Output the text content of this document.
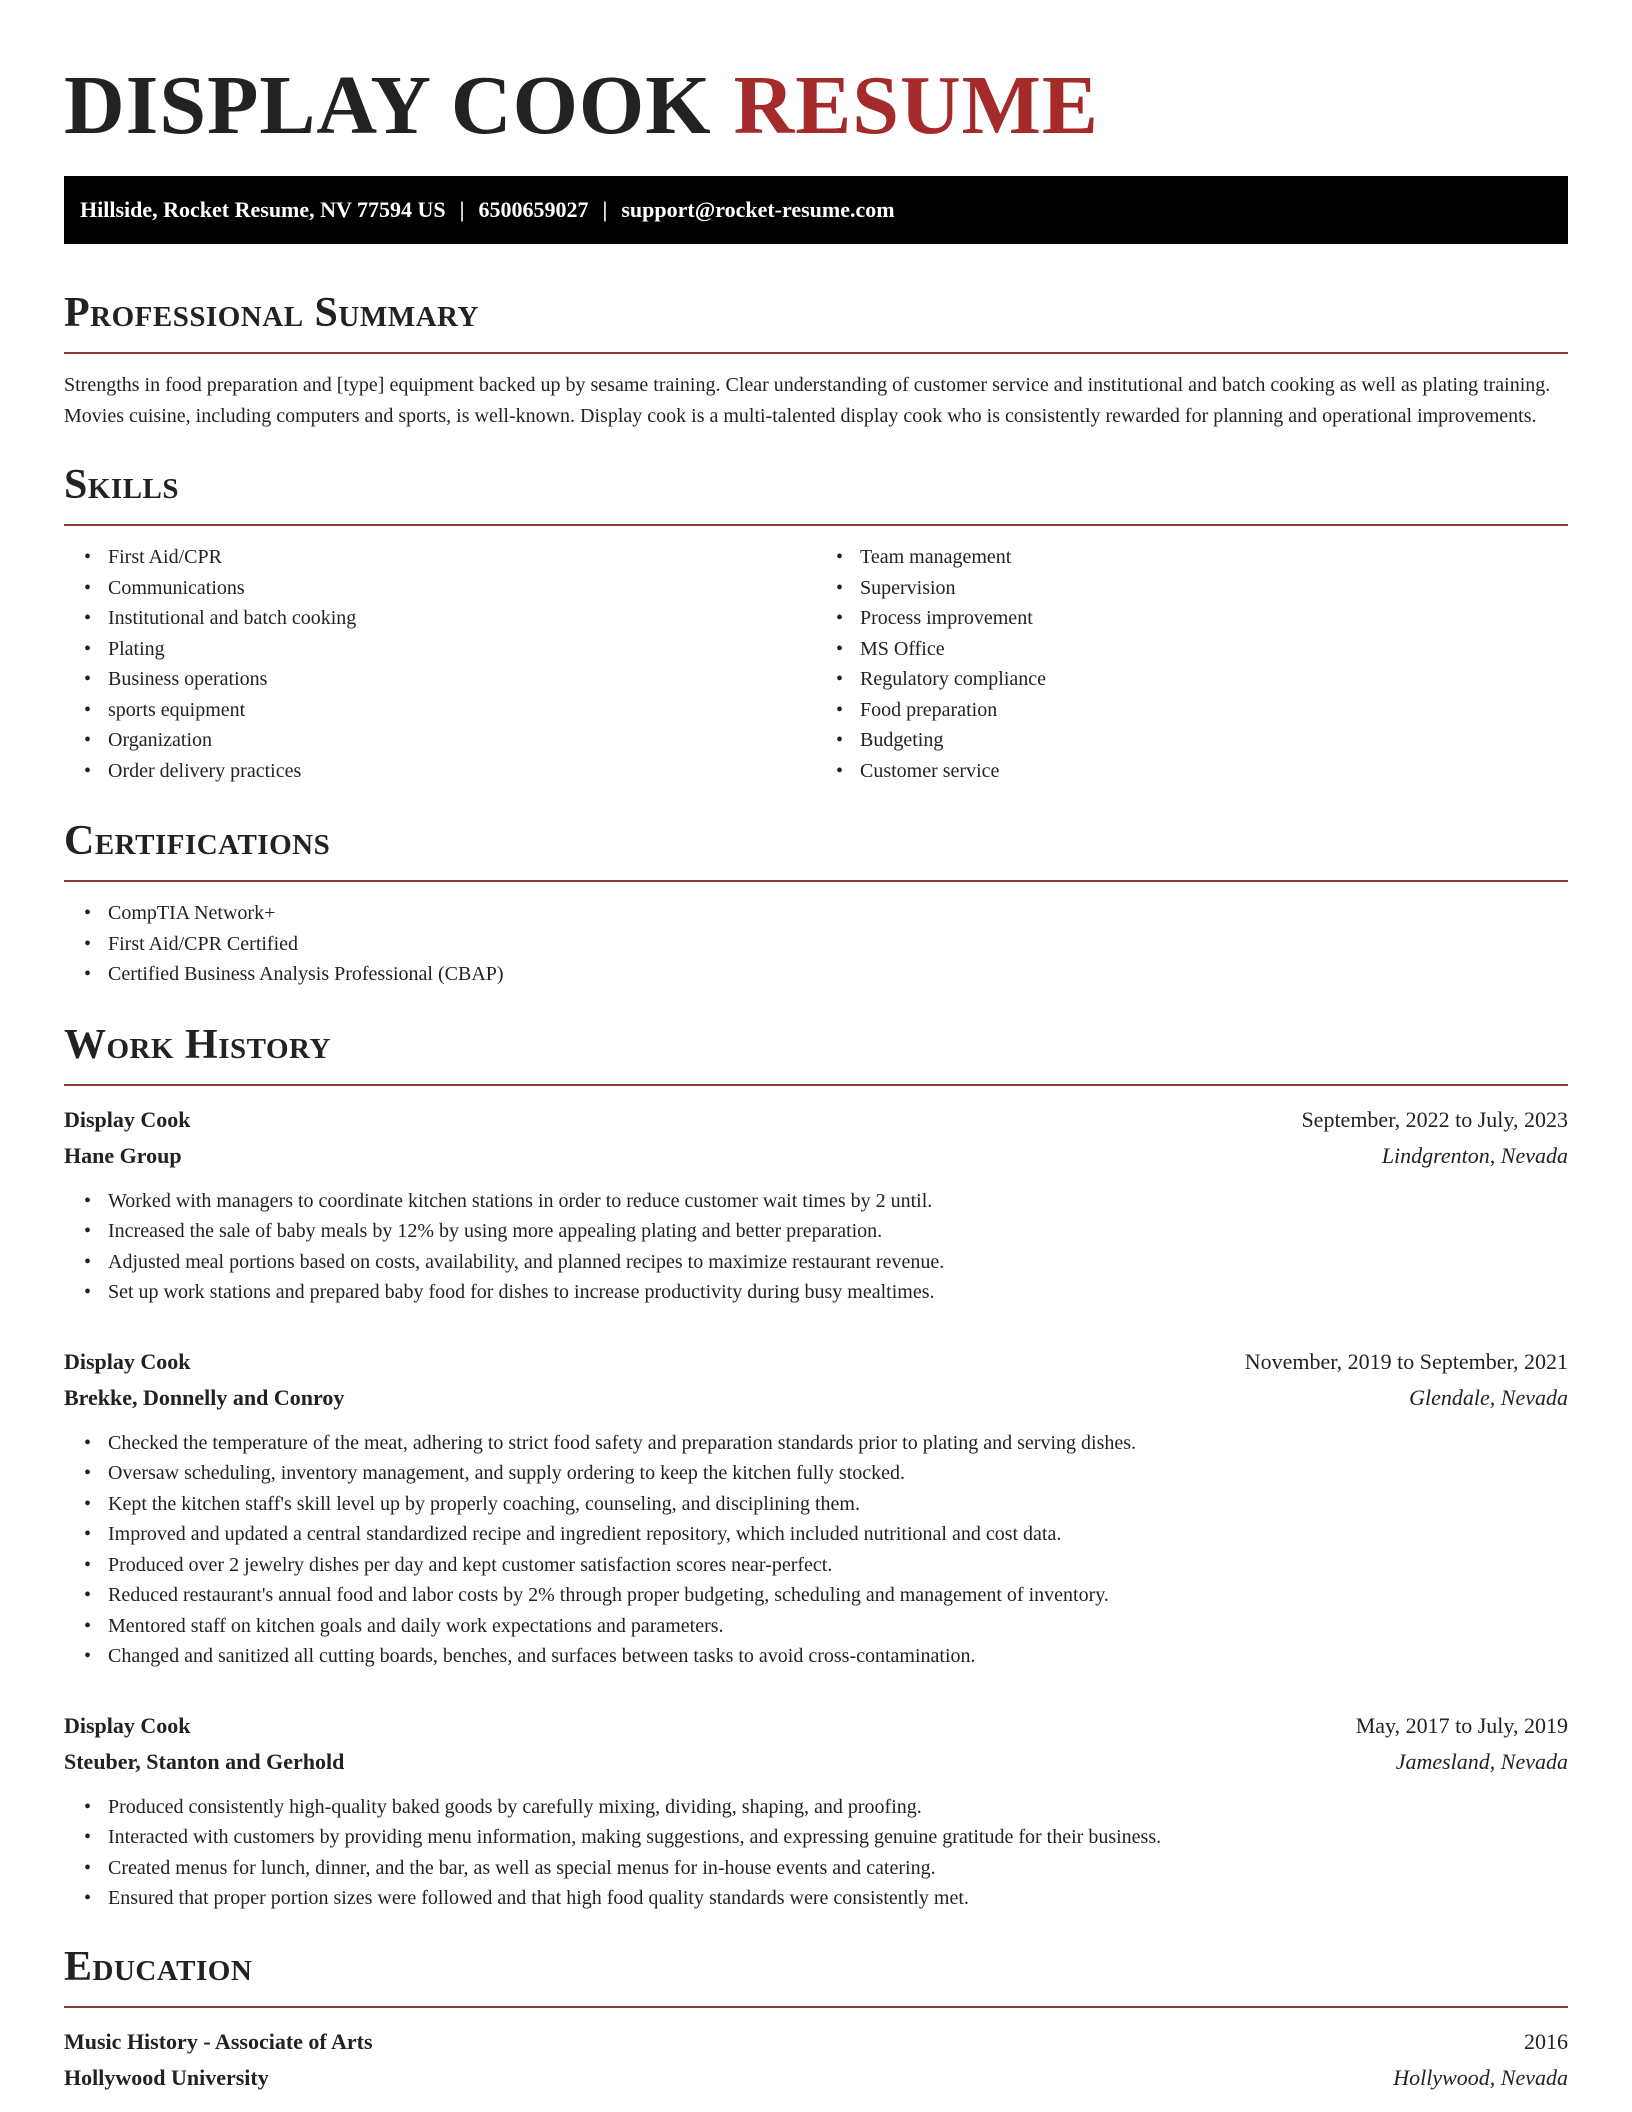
DISPLAY COOK RESUME
Hillside, Rocket Resume, NV 77594 US | 6500659027 | support@rocket-resume.com
Professional Summary

Strengths in food preparation and [type] equipment backed up by sesame training. Clear understanding of customer service and institutional and batch cooking as well as plating training. Movies cuisine, including computers and sports, is well-known. Display cook is a multi-talented display cook who is consistently rewarded for planning and operational improvements.

Skills
• First Aid/CPR
• Communications
• Institutional and batch cooking
• Plating
• Business operations
• sports equipment
• Organization
• Order delivery practices
• Team management
• Supervision
• Process improvement
• MS Office
• Regulatory compliance
• Food preparation
• Budgeting
• Customer service
Certifications
• CompTIA Network+
• First Aid/CPR Certified
• Certified Business Analysis Professional (CBAP)
Work History
Display Cook	September, 2022 to July, 2023
Hane Group	Lindgrenton, Nevada
• Worked with managers to coordinate kitchen stations in order to reduce customer wait times by 2 until.
• Increased the sale of baby meals by 12% by using more appealing plating and better preparation.
• Adjusted meal portions based on costs, availability, and planned recipes to maximize restaurant revenue.
• Set up work stations and prepared baby food for dishes to increase productivity during busy mealtimes.
Display Cook	November, 2019 to September, 2021
Brekke, Donnelly and Conroy	Glendale, Nevada
• Checked the temperature of the meat, adhering to strict food safety and preparation standards prior to plating and serving dishes.
• Oversaw scheduling, inventory management, and supply ordering to keep the kitchen fully stocked.
• Kept the kitchen staff's skill level up by properly coaching, counseling, and disciplining them.
• Improved and updated a central standardized recipe and ingredient repository, which included nutritional and cost data.
• Produced over 2 jewelry dishes per day and kept customer satisfaction scores near-perfect.
• Reduced restaurant's annual food and labor costs by 2% through proper budgeting, scheduling and management of inventory.
• Mentored staff on kitchen goals and daily work expectations and parameters.
• Changed and sanitized all cutting boards, benches, and surfaces between tasks to avoid cross-contamination.
Display Cook	May, 2017 to July, 2019
Steuber, Stanton and Gerhold	Jamesland, Nevada
• Produced consistently high-quality baked goods by carefully mixing, dividing, shaping, and proofing.
• Interacted with customers by providing menu information, making suggestions, and expressing genuine gratitude for their business.
• Created menus for lunch, dinner, and the bar, as well as special menus for in-house events and catering.
• Ensured that proper portion sizes were followed and that high food quality standards were consistently met.
Education
Music History - Associate of Arts	2016
Hollywood University	Hollywood, Nevada
